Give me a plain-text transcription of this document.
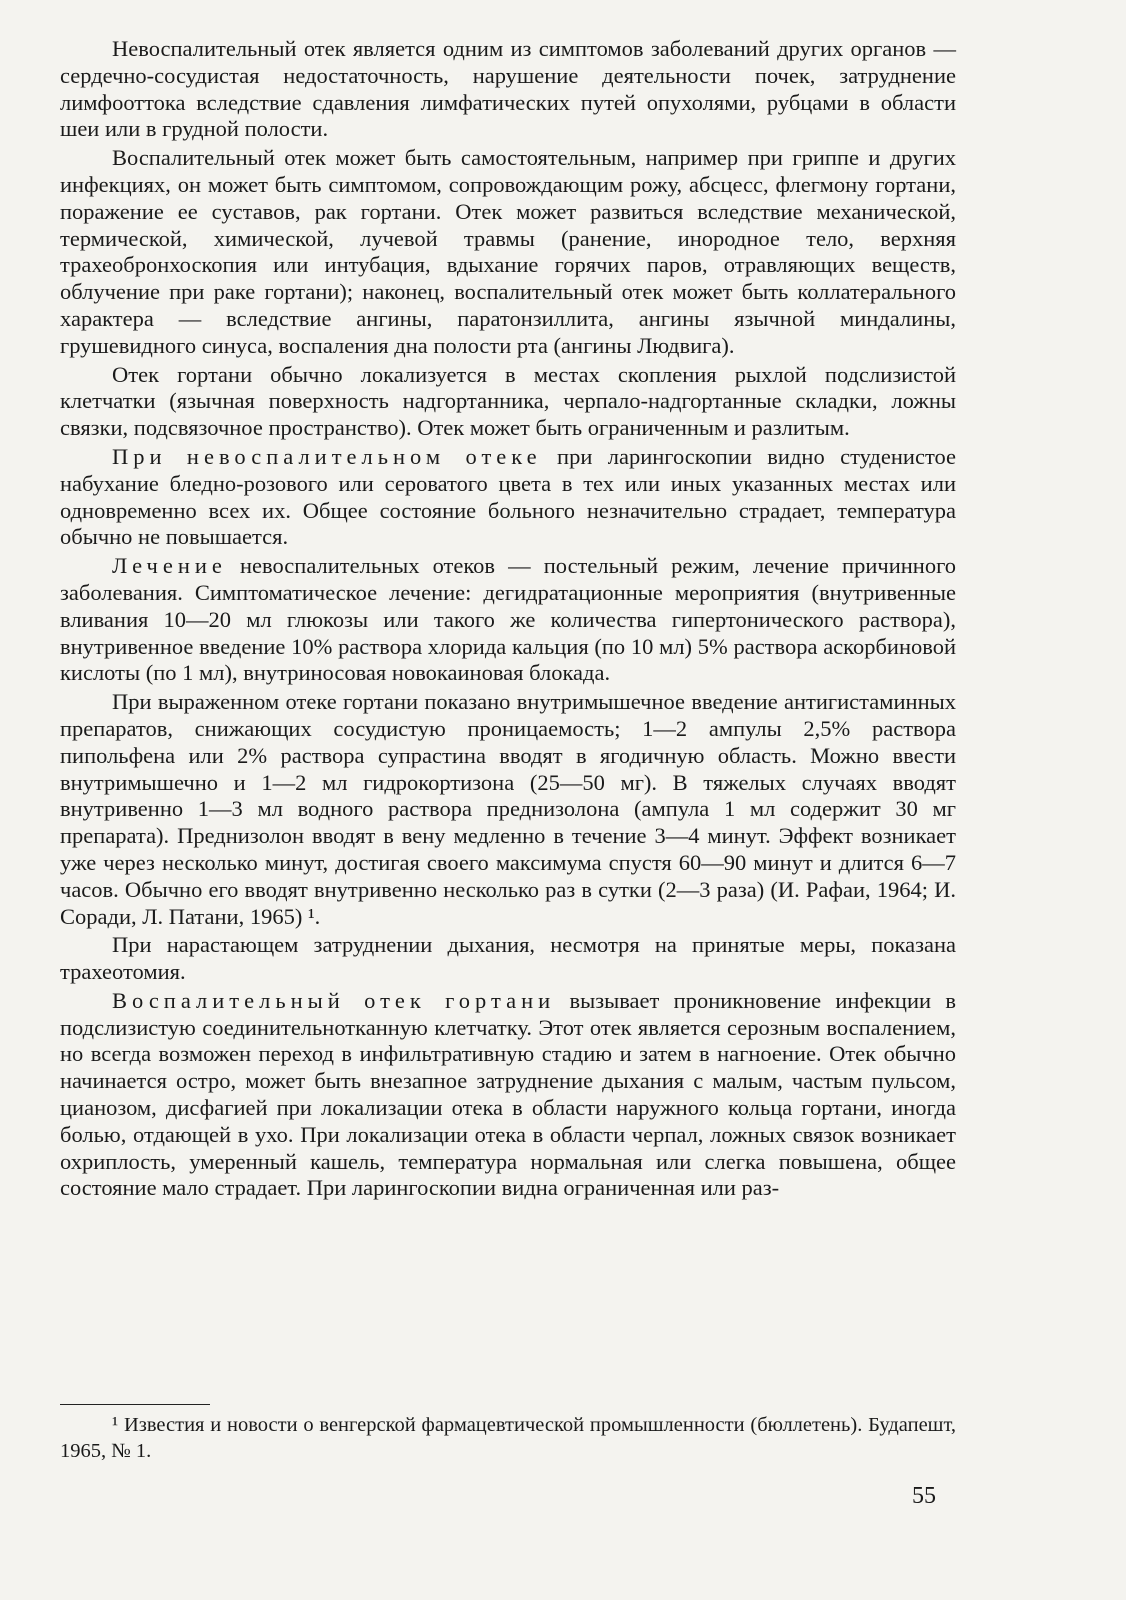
Невоспалительный отек является одним из симптомов заболеваний других органов — сердечно-сосудистая недостаточность, нарушение деятельности почек, затруднение лимфооттока вследствие сдавления лимфатических путей опухолями, рубцами в области шеи или в грудной полости.

Воспалительный отек может быть самостоятельным, например при гриппе и других инфекциях, он может быть симптомом, сопровождающим рожу, абсцесс, флегмону гортани, поражение ее суставов, рак гортани. Отек может развиться вследствие механической, термической, химической, лучевой травмы (ранение, инородное тело, верхняя трахеобронхоскопия или интубация, вдыхание горячих паров, отравляющих веществ, облучение при раке гортани); наконец, воспалительный отек может быть коллатерального характера — вследствие ангины, паратонзиллита, ангины язычной миндалины, грушевидного синуса, воспаления дна полости рта (ангины Людвига).

Отек гортани обычно локализуется в местах скопления рыхлой подслизистой клетчатки (язычная поверхность надгортанника, черпало-надгортанные складки, ложны связки, подсвязочное пространство). Отек может быть ограниченным и разлитым.

При невоспалительном отеке при ларингоскопии видно студенистое набухание бледно-розового или сероватого цвета в тех или иных указанных местах или одновременно всех их. Общее состояние больного незначительно страдает, температура обычно не повышается.

Лечение невоспалительных отеков — постельный режим, лечение причинного заболевания. Симптоматическое лечение: дегидратационные мероприятия (внутривенные вливания 10—20 мл глюкозы или такого же количества гипертонического раствора), внутривенное введение 10% раствора хлорида кальция (по 10 мл) 5% раствора аскорбиновой кислоты (по 1 мл), внутриносовая новокаиновая блокада.

При выраженном отеке гортани показано внутримышечное введение антигистаминных препаратов, снижающих сосудистую проницаемость; 1—2 ампулы 2,5% раствора пипольфена или 2% раствора супрастина вводят в ягодичную область. Можно ввести внутримышечно и 1—2 мл гидрокортизона (25—50 мг). В тяжелых случаях вводят внутривенно 1—3 мл водного раствора преднизолона (ампула 1 мл содержит 30 мг препарата). Преднизолон вводят в вену медленно в течение 3—4 минут. Эффект возникает уже через несколько минут, достигая своего максимума спустя 60—90 минут и длится 6—7 часов. Обычно его вводят внутривенно несколько раз в сутки (2—3 раза) (И. Рафаи, 1964; И. Соради, Л. Патани, 1965) ¹.

При нарастающем затруднении дыхания, несмотря на принятые меры, показана трахеотомия.

Воспалительный отек гортани вызывает проникновение инфекции в подслизистую соединительнотканную клетчатку. Этот отек является серозным воспалением, но всегда возможен переход в инфильтративную стадию и затем в нагноение. Отек обычно начинается остро, может быть внезапное затруднение дыхания с малым, частым пульсом, цианозом, дисфагией при локализации отека в области наружного кольца гортани, иногда болью, отдающей в ухо. При локализации отека в области черпал, ложных связок возникает охриплость, умеренный кашель, температура нормальная или слегка повышена, общее состояние мало страдает. При ларингоскопии видна ограниченная или раз-

¹ Известия и новости о венгерской фармацевтической промышленности (бюллетень). Будапешт, 1965, № 1.

55
